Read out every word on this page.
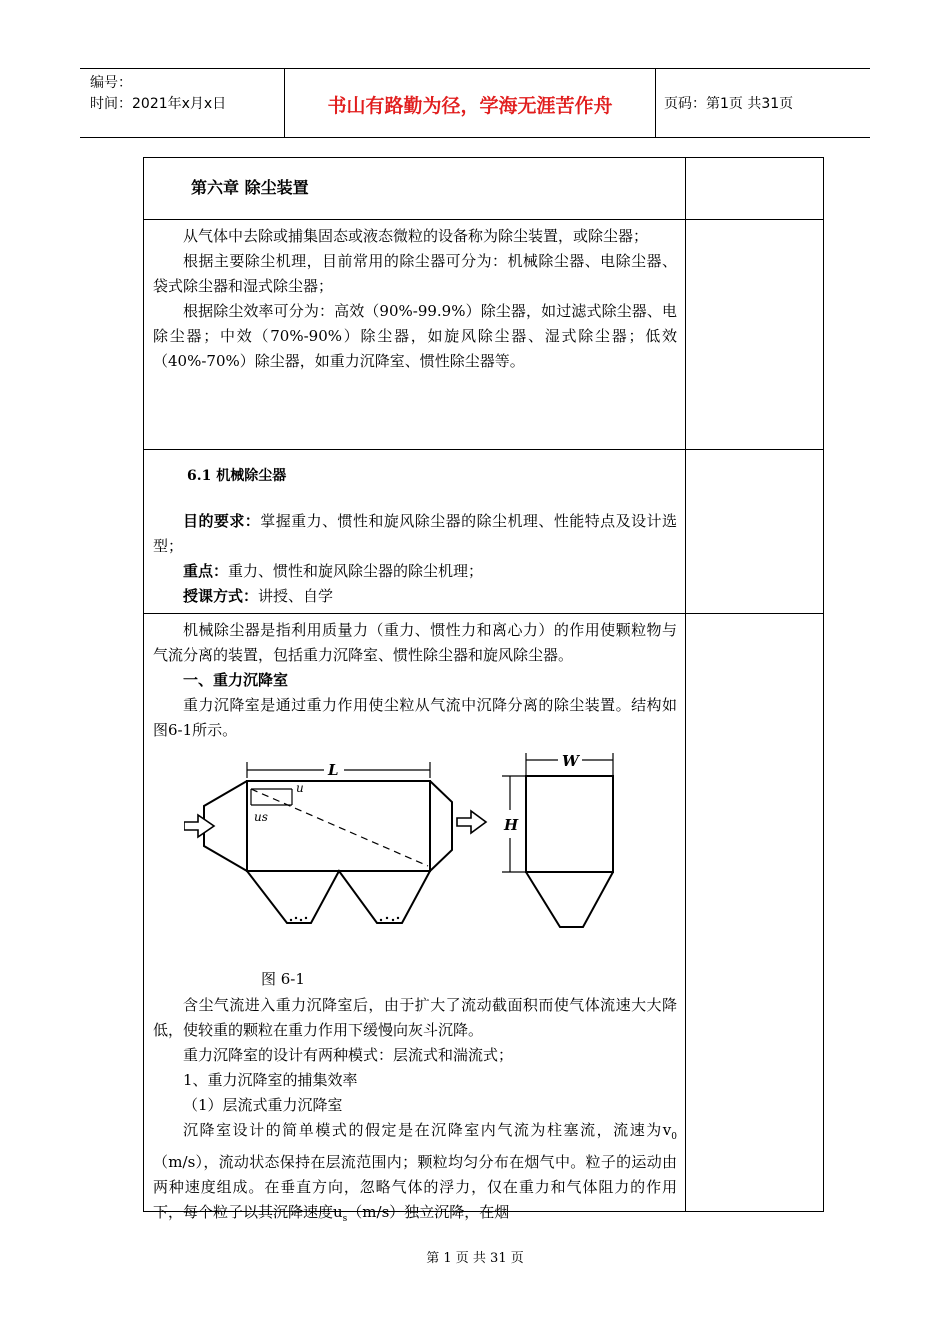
编号：
时间：2021年x月x日	书山有路勤为径，学海无涯苦作舟	页码：第1页 共31页
第六章 除尘装置

从气体中去除或捕集固态或液态微粒的设备称为除尘装置，或除尘器；

根据主要除尘机理，目前常用的除尘器可分为：机械除尘器、电除尘器、袋式除尘器和湿式除尘器；

根据除尘效率可分为：高效（90%-99.9%）除尘器，如过滤式除尘器、电除尘器；中效（70%-90%）除尘器，如旋风除尘器、湿式除尘器；低效（40%-70%）除尘器，如重力沉降室、惯性除尘器等。

6.1 机械除尘器

目的要求：掌握重力、惯性和旋风除尘器的除尘机理、性能特点及设计选型；

重点：重力、惯性和旋风除尘器的除尘机理；

授课方式：讲授、自学

机械除尘器是指利用质量力（重力、惯性力和离心力）的作用使颗粒物与气流分离的装置，包括重力沉降室、惯性除尘器和旋风除尘器。

一、重力沉降室

重力沉降室是通过重力作用使尘粒从气流中沉降分离的除尘装置。结构如图6-1所示。

L	W
H
u
us
图 6-1

含尘气流进入重力沉降室后，由于扩大了流动截面积而使气体流速大大降低，使较重的颗粒在重力作用下缓慢向灰斗沉降。

重力沉降室的设计有两种模式：层流式和湍流式；

1、重力沉降室的捕集效率

（1）层流式重力沉降室

沉降室设计的简单模式的假定是在沉降室内气流为柱塞流，流速为$v_0(m/s)$，流动状态保持在层流范围内；颗粒均匀分布在烟气中。粒子的运动由两种速度组成。在垂直方向，忽略气体的浮力，仅在重力和气体阻力的作用下，每个粒子以其沉降速度$u_s(m/s)$独立沉降，在烟

第 1 页 共 31 页
